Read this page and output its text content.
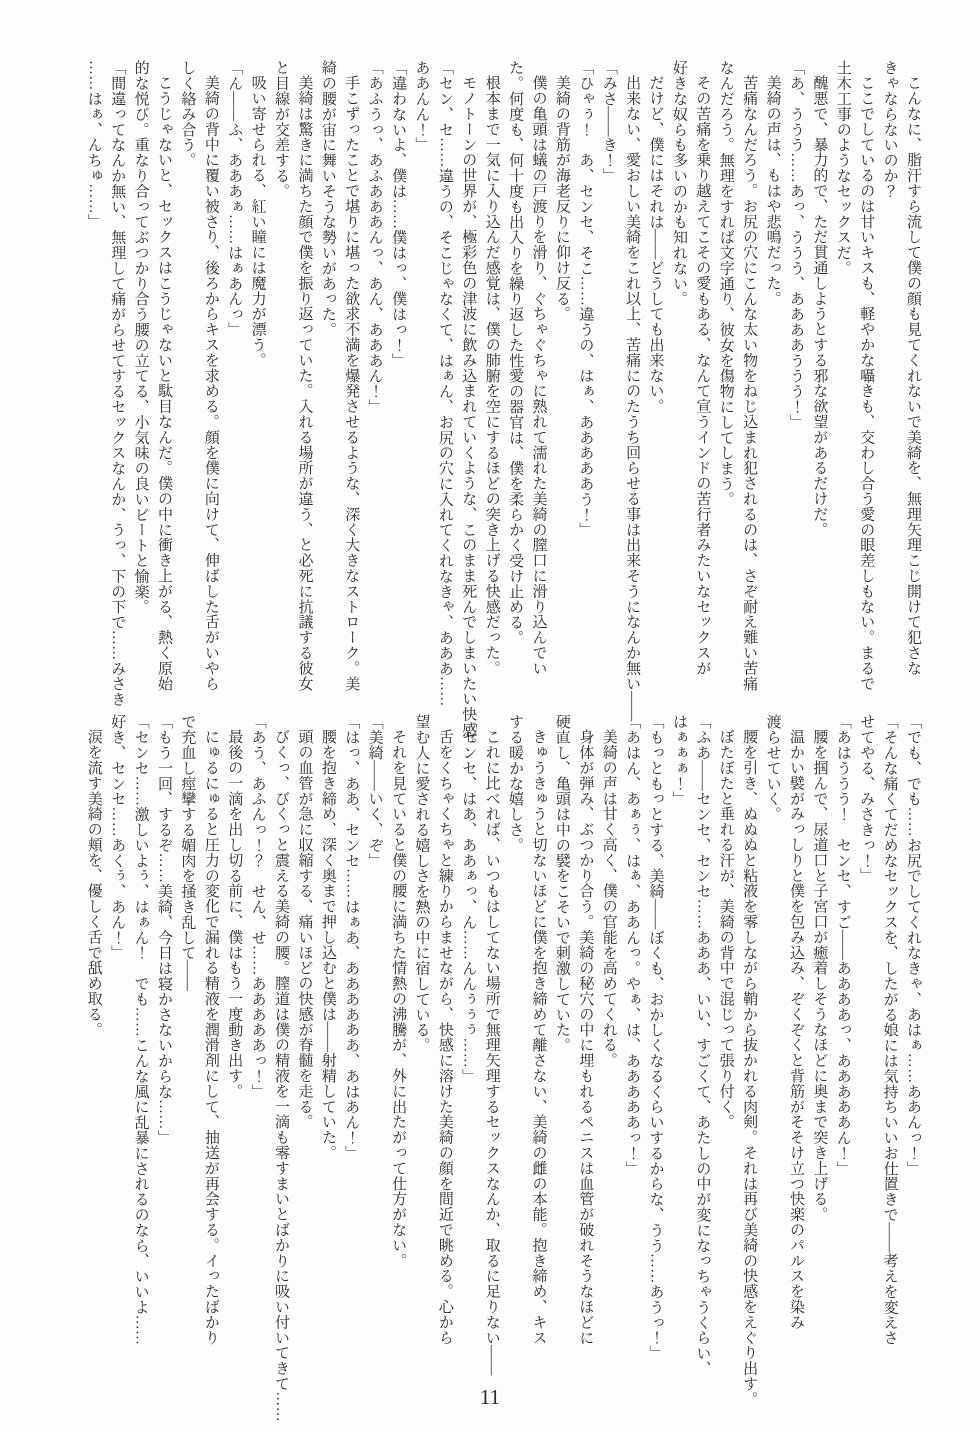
こんなに、脂汗すら流して僕の顔も見てくれないで美綺を、無理矢理こじ開けて犯さな

きゃならないのか？

ここでしているのは甘いキスも、軽やかな囁きも、交わし合う愛の眼差しもない。まるで

土木工事のようなセックスだ。

醜悪で、暴力的で、ただ貫通しようとする邪な欲望があるだけだ。

「あ、ううう……あっ、ううう、ああああううう！」

美綺の声は、もはや悲鳴だった。

苦痛なんだろう。お尻の穴にこんな太い物をねじ込まれ犯されるのは、さぞ耐え難い苦痛

なんだろう。無理をすれば文字通り、彼女を傷物にしてしまう。

その苦痛を乗り越えてこその愛もある、なんて宣うインドの苦行者みたいなセックスが

好きな奴らも多いのかも知れない。

だけど、僕にはそれは――どうしても出来ない。

出来ない、愛おしい美綺をこれ以上、苦痛にのたうち回らせる事は出来そうになんか無い――

「みさ――き！」

「ひゃぅ！　あ、センセ、そこ……違うの、はぁ、あああああう！」

美綺の背筋が海老反りに仰け反る。

僕の亀頭は蟻の戸渡りを滑り、ぐちゃぐちゃに熟れて濡れた美綺の膣口に滑り込んでい

た。何度も、何十度も出入りを繰り返した性愛の器官は、僕を柔らかく受け止める。

根本まで一気に入り込んだ感覚は、僕の肺腑を空にするほどの突き上げる快感だった。

モノトーンの世界が、極彩色の津波に飲み込まれていくような、このまま死んでしまいたい快感。

「セン、セ……違うの、そこじゃなくて、はぁん、お尻の穴に入れてくれなきゃ、あああ……

ああんん！」

「違わないよ、僕は……僕はっ、僕はっ！」

「あふうっ、あふあああんっ、あん、あああん！」

手こずったことで堪りに堪った欲求不満を爆発させるような、深く大きなストローク。美

綺の腰が宙に舞いそうな勢いがあった。

美綺は驚きに満ちた顔で僕を振り返っていた。入れる場所が違う、と必死に抗議する彼女

と目線が交差する。

吸い寄せられる、紅い瞳には魔力が漂う。

「ん――ふ、あああぁ……はぁあんっ」

美綺の背中に覆い被さり、後ろからキスを求める。顔を僕に向けて、伸ばした舌がいやら

しく絡み合う。

こうじゃないと、セックスはこうじゃないと駄目なんだ。僕の中に衝き上がる、熱く原始

的な悦び。重なり合ってぶつかり合う腰の立てる、小気味の良いビートと愉楽。

「間違ってなんか無い、無理して痛がらせてするセックスなんか、うっ、下の下で……みさき

……はぁ、んちゅ……」

「でも、でも……お尻でしてくれなきゃ、あはぁ……ああんっ！」

「そんな痛くてだめなセックスを、したがる娘には気持ちいいお仕置きで――考えを変えさ

せてやる、みさきっ！」

「あはううう！　センセ、すご――ああああっ、あああああん！」

腰を掴んで、尿道口と子宮口が癒着しそうなほどに奥まで突き上げる。

温かい襞がみっしりと僕を包み込み、ぞくぞくと背筋がそそけ立つ快楽のパルスを染み

渡らせていく。

腰を引き、ぬぬぬと粘液を零しながら鞘から抜かれる肉剣。それは再び美綺の快感をえぐり出す。

ぼたぼたと垂れる汗が、美綺の背中で混じって張り付く。

「ふあ――センセ、センセ……あああ、いい、すごくて、あたしの中が変になっちゃうくらい、

はぁぁぁ！」

「もっともっとする、美綺――ぼくも、おかしくなるくらいするからな、うう……あうっ！」

「あはん、あぁぅ、はぁ、ああんっ。やぁ、は、あああああっ！」

美綺の声は甘く高く、僕の官能を高めてくれる。

身体が弾み、ぶつかり合う。美綺の秘穴の中に埋もれるペニスは血管が破れそうなほどに

硬直し、亀頭は中の襞をこそいで刺激していた。

きゅうきゅうと切ないほどに僕を抱き締めて離さない、美綺の雌の本能。抱き締め、キス

する暖かな嬉しさ。

これに比べれば、いつもはしてない場所で無理矢理するセックスなんか、取るに足りない――

「センセ、はあ、ああぁっ、ん……んんぅぅぅ……」

舌をくちゃくちゃと練りからませながら、快感に溶けた美綺の顔を間近で眺める。心から

望む人に愛される嬉しさを熱の中に宿している。

それを見ていると僕の腰に満ちた情熱の沸騰が、外に出たがって仕方がない。

「美綺――いく、ぞ」

「はっ、ああ、センセ……はぁあ、ああああああ、あはあん！」

腰を抱き締め、深く奥まで押し込むと僕は――射精していた。

頭の血管が急に収縮する、痛いほどの快感が脊髄を走る。

びくっ、びくっと震える美綺の腰。膣道は僕の精液を一滴も零すまいとばかりに吸い付いてきて……

「あう、あふんっ！？　せん、せ……あああああっ！」

最後の一滴を出し切る前に、僕はもう一度動き出す。

にゅるにゅると圧力の変化で漏れる精液を潤滑剤にして、抽送が再会する。イったばかり

で充血し痙攣する媚肉を掻き乱して――

「もう一回、するぞ……美綺、今日は寝かさないからな……」

「センセ……激しいよぅ、はぁん！　でも……こんな風に乱暴にされるのなら、いいよ……

好き、センセ……あくぅ、あん！」

涙を流す美綺の頬を、優しく舌で舐め取る。

11
